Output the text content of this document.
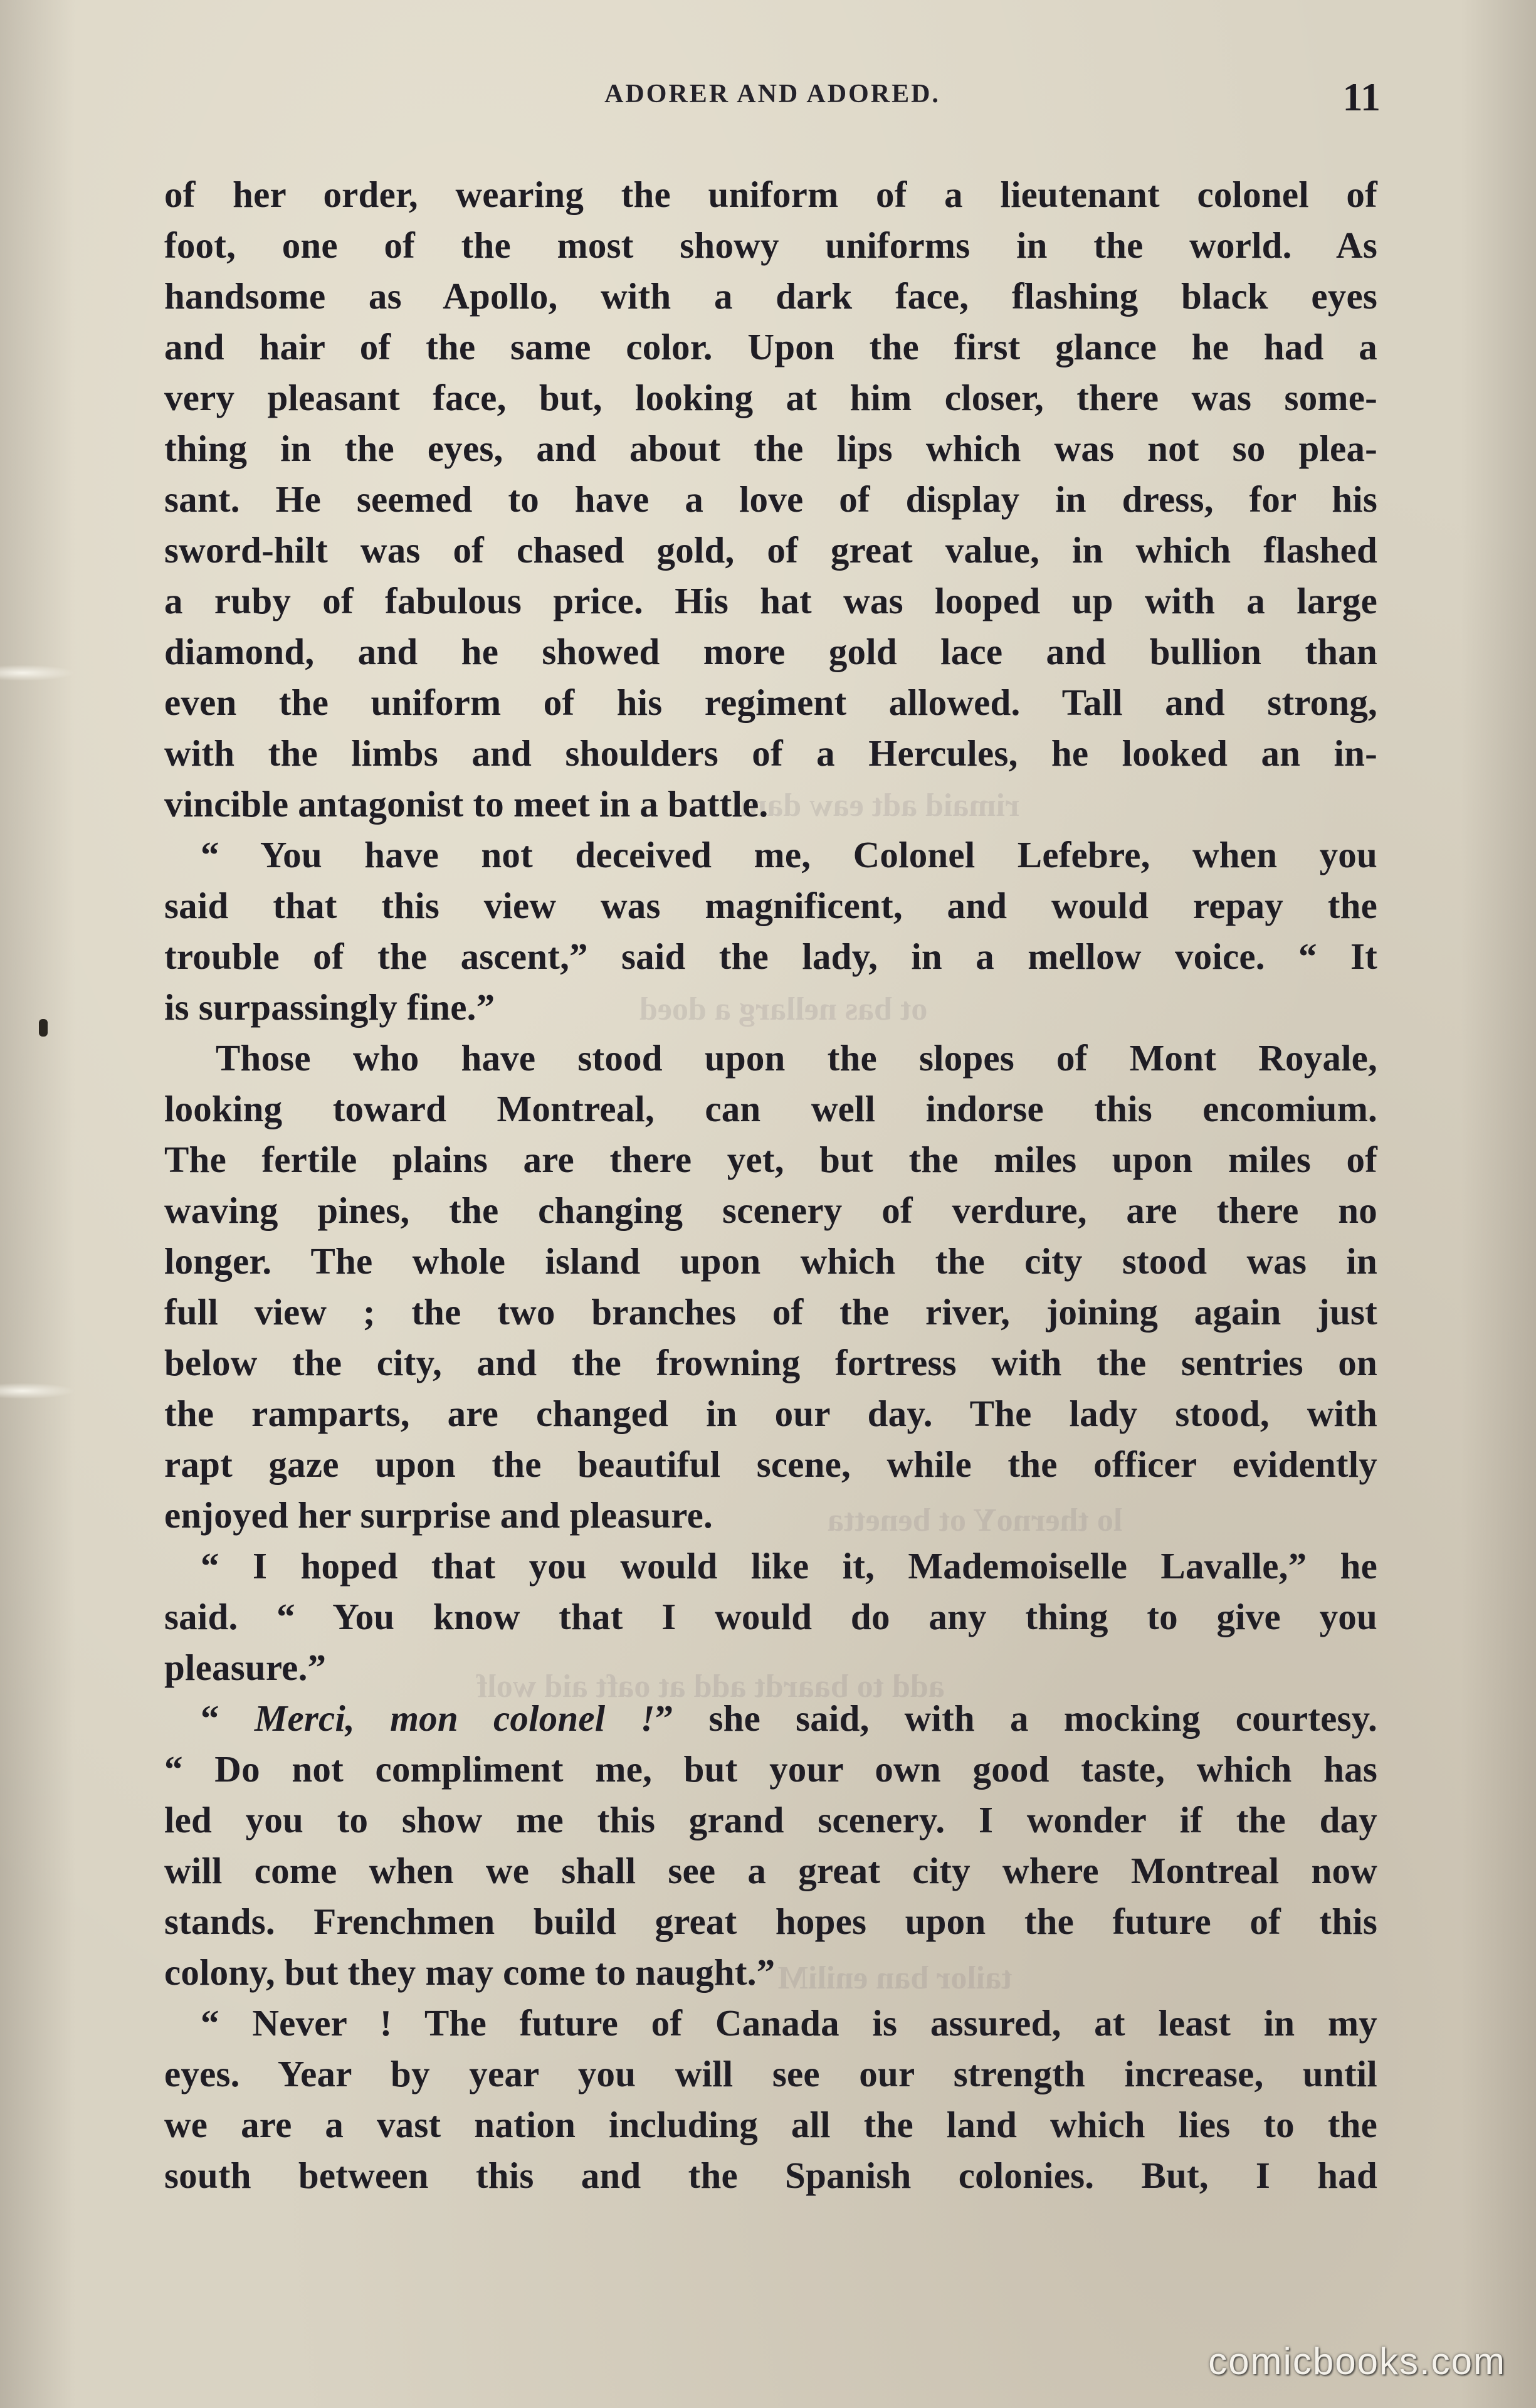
rimaid adt eaw dam
ot bas nellarg a doed
lo thernoY ot benetta
add to baardt add at oaft aid wolf
tailor ban eniliM
ADORER AND ADORED.	11
of her order, wearing the uniform of a lieutenant colonel of
foot, one of the most showy uniforms in the world. As
handsome as Apollo, with a dark face, flashing black eyes
and hair of the same color. Upon the first glance he had a
very pleasant face, but, looking at him closer, there was some-
thing in the eyes, and about the lips which was not so plea-
sant. He seemed to have a love of display in dress, for his
sword-hilt was of chased gold, of great value, in which flashed
a ruby of fabulous price. His hat was looped up with a large
diamond, and he showed more gold lace and bullion than
even the uniform of his regiment allowed. Tall and strong,
with the limbs and shoulders of a Hercules, he looked an in-
vincible antagonist to meet in a battle.
“ You have not deceived me, Colonel Lefebre, when you
said that this view was magnificent, and would repay the
trouble of the ascent,” said the lady, in a mellow voice. “ It
is surpassingly fine.”
Those who have stood upon the slopes of Mont Royale,
looking toward Montreal, can well indorse this encomium.
The fertile plains are there yet, but the miles upon miles of
waving pines, the changing scenery of verdure, are there no
longer. The whole island upon which the city stood was in
full view ; the two branches of the river, joining again just
below the city, and the frowning fortress with the sentries on
the ramparts, are changed in our day. The lady stood, with
rapt gaze upon the beautiful scene, while the officer evidently
enjoyed her surprise and pleasure.
“ I hoped that you would like it, Mademoiselle Lavalle,” he
said. “ You know that I would do any thing to give you
pleasure.”
“ Merci, mon colonel !” she said, with a mocking courtesy.
“ Do not compliment me, but your own good taste, which has
led you to show me this grand scenery. I wonder if the day
will come when we shall see a great city where Montreal now
stands. Frenchmen build great hopes upon the future of this
colony, but they may come to naught.”
“ Never ! The future of Canada is assured, at least in my
eyes. Year by year you will see our strength increase, until
we are a vast nation including all the land which lies to the
south between this and the Spanish colonies. But, I had
comicbooks.com
